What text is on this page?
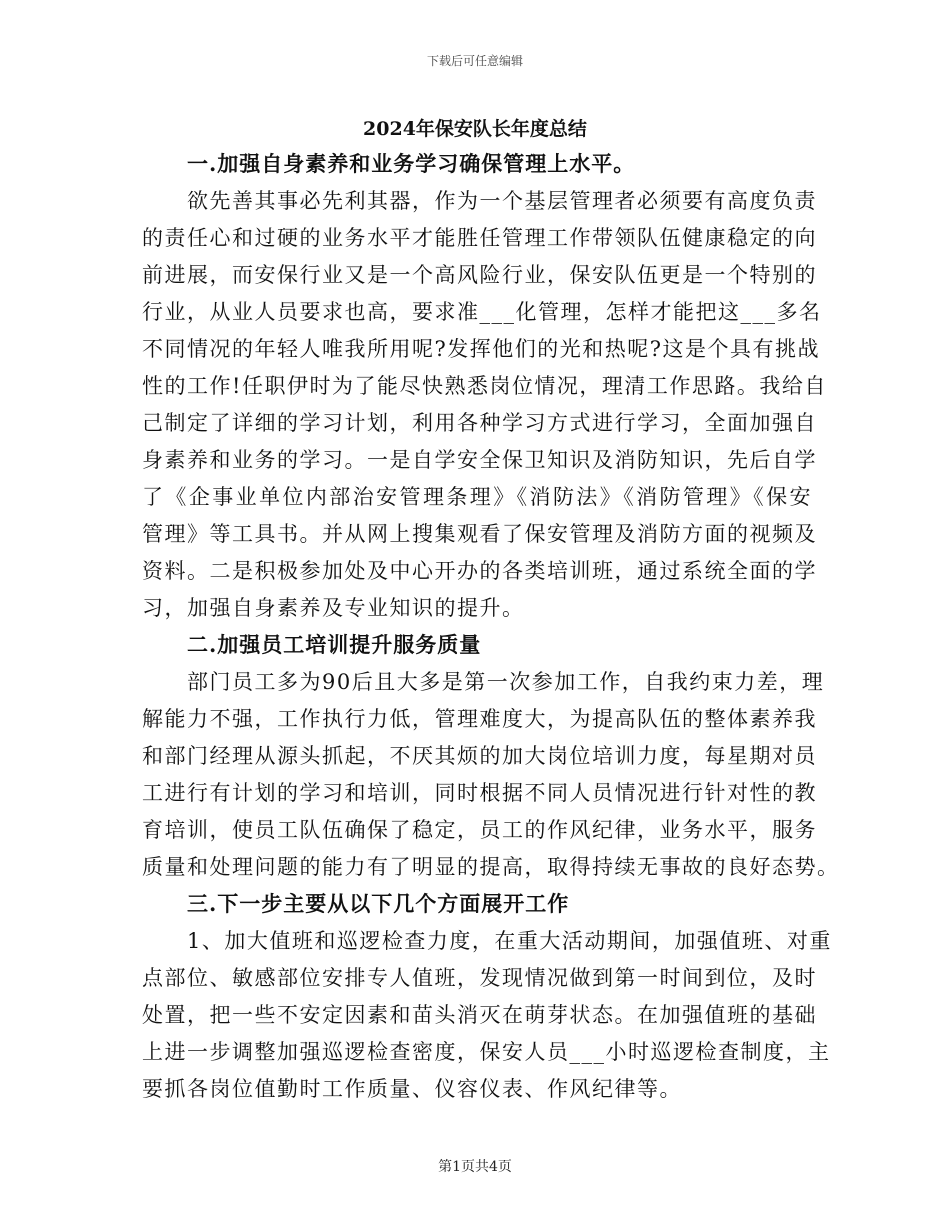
下载后可任意编辑
2024年保安队长年度总结
一.加强自身素养和业务学习确保管理上水平。
欲先善其事必先利其器，作为一个基层管理者必须要有高度负责
的责任心和过硬的业务水平才能胜任管理工作带领队伍健康稳定的向
前进展，而安保行业又是一个高风险行业，保安队伍更是一个特别的
行业，从业人员要求也高，要求准___化管理，怎样才能把这___多名
不同情况的年轻人唯我所用呢?发挥他们的光和热呢?这是个具有挑战
性的工作!任职伊时为了能尽快熟悉岗位情况，理清工作思路。我给自
己制定了详细的学习计划，利用各种学习方式进行学习，全面加强自
身素养和业务的学习。一是自学安全保卫知识及消防知识，先后自学
了《企事业单位内部治安管理条理》《消防法》《消防管理》《保安
管理》等工具书。并从网上搜集观看了保安管理及消防方面的视频及
资料。二是积极参加处及中心开办的各类培训班，通过系统全面的学
习，加强自身素养及专业知识的提升。
二.加强员工培训提升服务质量
部门员工多为90后且大多是第一次参加工作，自我约束力差，理
解能力不强，工作执行力低，管理难度大，为提高队伍的整体素养我
和部门经理从源头抓起，不厌其烦的加大岗位培训力度，每星期对员
工进行有计划的学习和培训，同时根据不同人员情况进行针对性的教
育培训，使员工队伍确保了稳定，员工的作风纪律，业务水平，服务
质量和处理问题的能力有了明显的提高，取得持续无事故的良好态势。
三.下一步主要从以下几个方面展开工作
1、加大值班和巡逻检查力度，在重大活动期间，加强值班、对重
点部位、敏感部位安排专人值班，发现情况做到第一时间到位，及时
处置，把一些不安定因素和苗头消灭在萌芽状态。在加强值班的基础
上进一步调整加强巡逻检查密度，保安人员___小时巡逻检查制度，主
要抓各岗位值勤时工作质量、仪容仪表、作风纪律等。
第1页共4页
